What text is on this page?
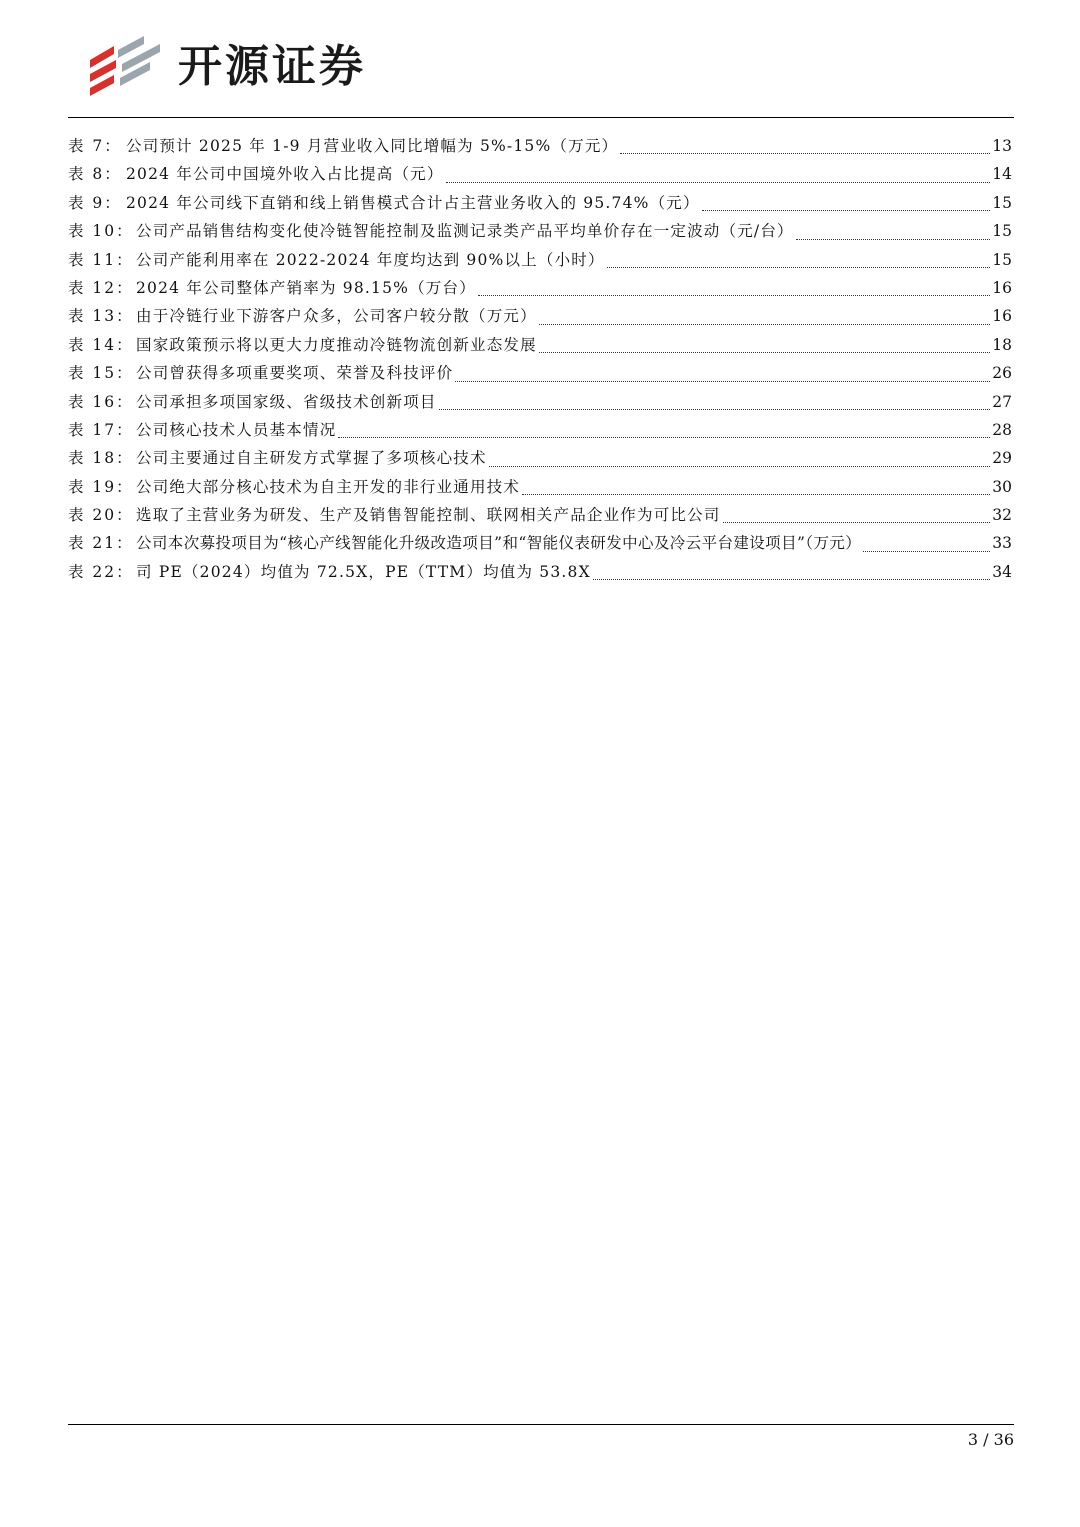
开源证券
表 7： 公司预计 2025 年 1-9 月营业收入同比增幅为 5%-15%（万元）	13
表 8： 2024 年公司中国境外收入占比提高（元）	14
表 9： 2024 年公司线下直销和线上销售模式合计占主营业务收入的 95.74%（元）	15
表 10： 公司产品销售结构变化使冷链智能控制及监测记录类产品平均单价存在一定波动（元/台）	15
表 11： 公司产能利用率在 2022-2024 年度均达到 90%以上（小时）	15
表 12： 2024 年公司整体产销率为 98.15%（万台）	16
表 13： 由于冷链行业下游客户众多，公司客户较分散（万元）	16
表 14： 国家政策预示将以更大力度推动冷链物流创新业态发展	18
表 15： 公司曾获得多项重要奖项、荣誉及科技评价	26
表 16： 公司承担多项国家级、省级技术创新项目	27
表 17： 公司核心技术人员基本情况	28
表 18： 公司主要通过自主研发方式掌握了多项核心技术	29
表 19： 公司绝大部分核心技术为自主开发的非行业通用技术	30
表 20： 选取了主营业务为研发、生产及销售智能控制、联网相关产品企业作为可比公司	32
表 21： 公司本次募投项目为“核心产线智能化升级改造项目”和“智能仪表研发中心及冷云平台建设项目”（万元）	33
表 22： 司 PE（2024）均值为 72.5X，PE（TTM）均值为 53.8X	34
3 / 36
